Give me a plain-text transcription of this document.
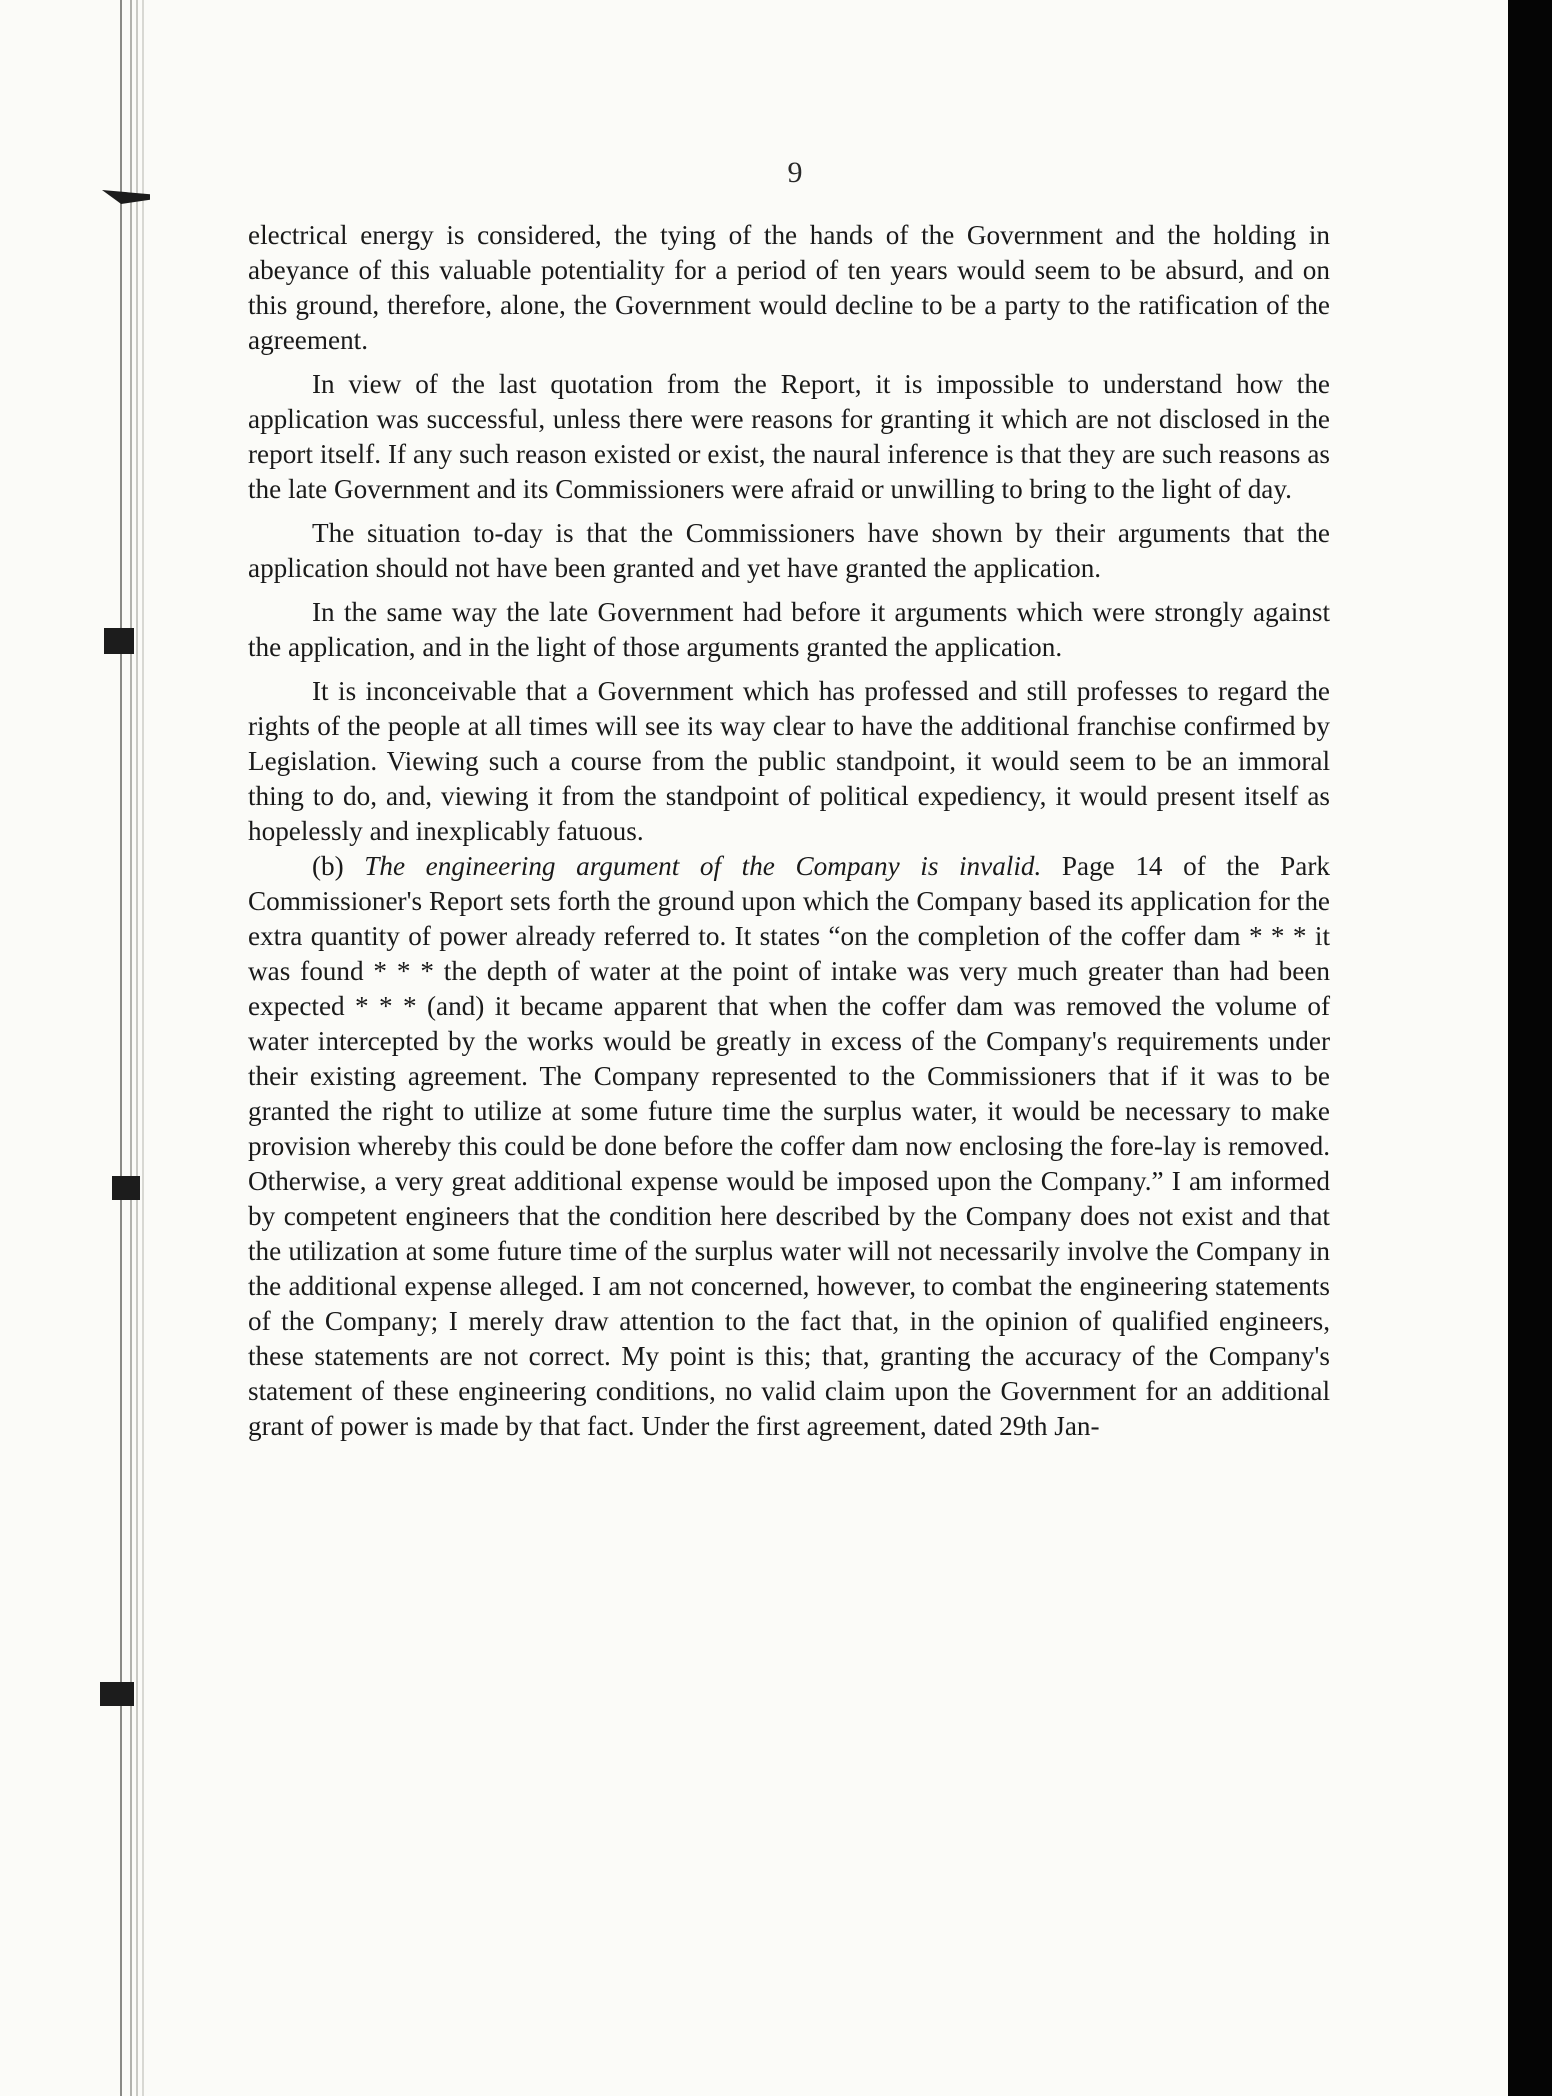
9

electrical energy is considered, the tying of the hands of the Government and the holding in abeyance of this valuable potentiality for a period of ten years would seem to be absurd, and on this ground, therefore, alone, the Government would decline to be a party to the ratification of the agreement.

In view of the last quotation from the Report, it is impossible to understand how the application was successful, unless there were reasons for granting it which are not disclosed in the report itself. If any such reason existed or exist, the naural inference is that they are such reasons as the late Government and its Commissioners were afraid or unwilling to bring to the light of day.

The situation to-day is that the Commissioners have shown by their arguments that the application should not have been granted and yet have granted the application.

In the same way the late Government had before it arguments which were strongly against the application, and in the light of those arguments granted the application.

It is inconceivable that a Government which has professed and still professes to regard the rights of the people at all times will see its way clear to have the additional franchise confirmed by Legislation. Viewing such a course from the public standpoint, it would seem to be an immoral thing to do, and, viewing it from the standpoint of political expediency, it would present itself as hopelessly and inexplicably fatuous.

(b) The engineering argument of the Company is invalid. Page 14 of the Park Commissioner's Report sets forth the ground upon which the Company based its application for the extra quantity of power already referred to. It states “on the completion of the coffer dam * * * it was found * * * the depth of water at the point of intake was very much greater than had been expected * * * (and) it became apparent that when the coffer dam was removed the volume of water intercepted by the works would be greatly in excess of the Company's requirements under their existing agreement. The Company represented to the Commissioners that if it was to be granted the right to utilize at some future time the surplus water, it would be necessary to make provision whereby this could be done before the coffer dam now enclosing the fore-lay is removed. Otherwise, a very great additional expense would be imposed upon the Company.” I am informed by competent engineers that the condition here described by the Company does not exist and that the utilization at some future time of the surplus water will not necessarily involve the Company in the additional expense alleged. I am not concerned, however, to combat the engineering statements of the Company; I merely draw attention to the fact that, in the opinion of qualified engineers, these statements are not correct. My point is this; that, granting the accuracy of the Company's statement of these engineering conditions, no valid claim upon the Government for an additional grant of power is made by that fact. Under the first agreement, dated 29th Jan-
